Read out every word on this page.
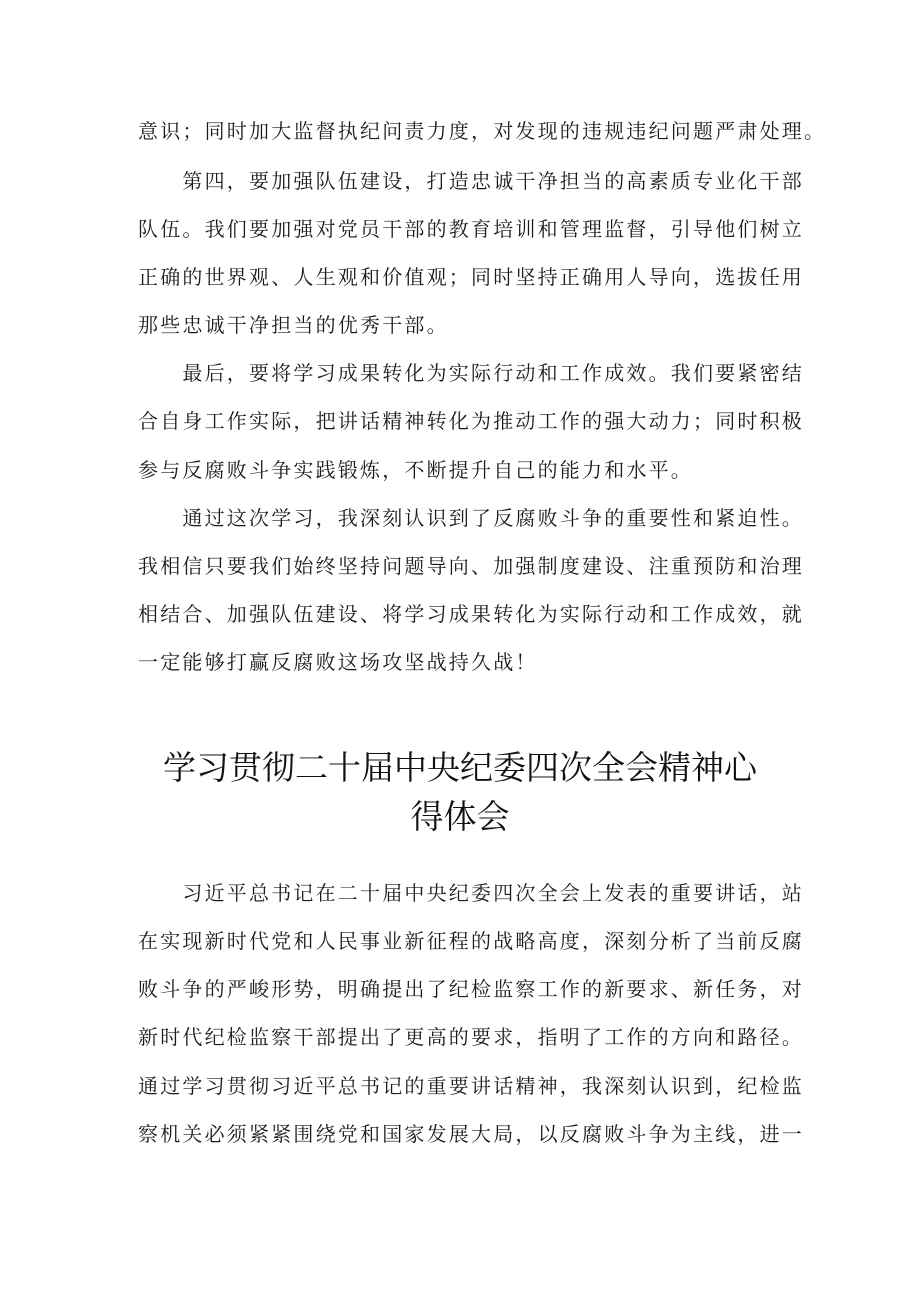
意识；同时加大监督执纪问责力度，对发现的违规违纪问题严肃处理。
　　第四，要加强队伍建设，打造忠诚干净担当的高素质专业化干部
队伍。我们要加强对党员干部的教育培训和管理监督，引导他们树立
正确的世界观、人生观和价值观；同时坚持正确用人导向，选拔任用
那些忠诚干净担当的优秀干部。
　　最后，要将学习成果转化为实际行动和工作成效。我们要紧密结
合自身工作实际，把讲话精神转化为推动工作的强大动力；同时积极
参与反腐败斗争实践锻炼，不断提升自己的能力和水平。
　　通过这次学习，我深刻认识到了反腐败斗争的重要性和紧迫性。
我相信只要我们始终坚持问题导向、加强制度建设、注重预防和治理
相结合、加强队伍建设、将学习成果转化为实际行动和工作成效，就
一定能够打赢反腐败这场攻坚战持久战！
学习贯彻二十届中央纪委四次全会精神心
得体会
　　习近平总书记在二十届中央纪委四次全会上发表的重要讲话，站
在实现新时代党和人民事业新征程的战略高度，深刻分析了当前反腐
败斗争的严峻形势，明确提出了纪检监察工作的新要求、新任务，对
新时代纪检监察干部提出了更高的要求，指明了工作的方向和路径。
通过学习贯彻习近平总书记的重要讲话精神，我深刻认识到，纪检监
察机关必须紧紧围绕党和国家发展大局，以反腐败斗争为主线，进一
